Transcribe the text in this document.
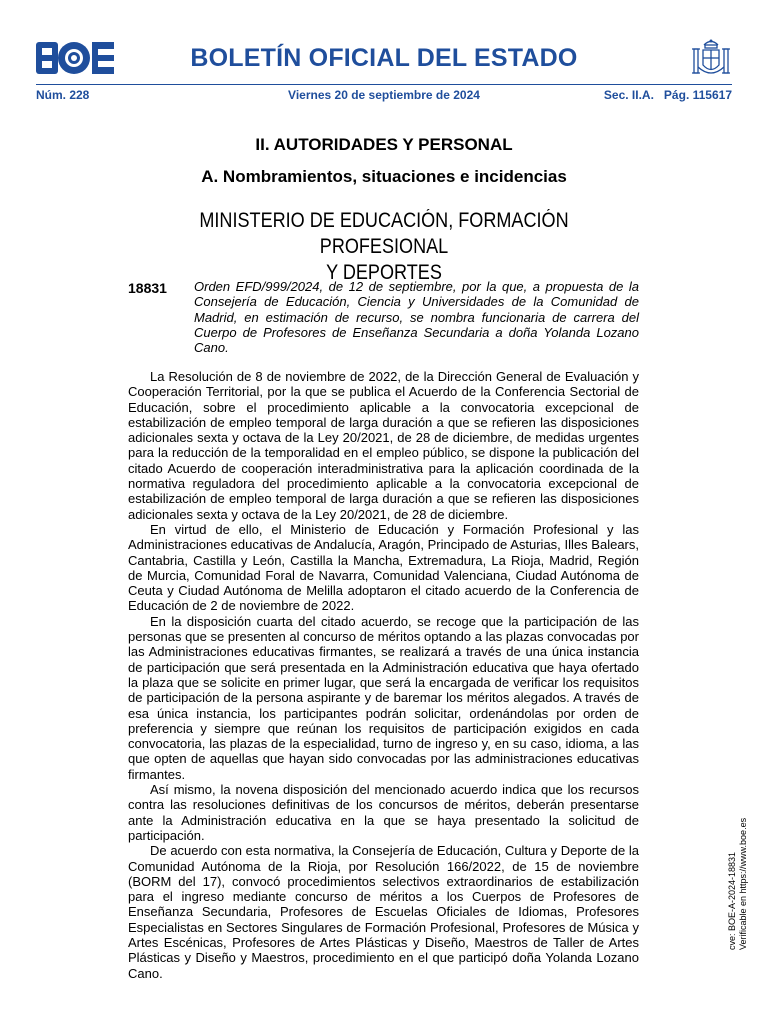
BOLETÍN OFICIAL DEL ESTADO
Núm. 228	Viernes 20 de septiembre de 2024	Sec. II.A.   Pág. 115617
II. AUTORIDADES Y PERSONAL
A. Nombramientos, situaciones e incidencias
MINISTERIO DE EDUCACIÓN, FORMACIÓN PROFESIONAL
Y DEPORTES
18831 Orden EFD/999/2024, de 12 de septiembre, por la que, a propuesta de la Consejería de Educación, Ciencia y Universidades de la Comunidad de Madrid, en estimación de recurso, se nombra funcionaria de carrera del Cuerpo de Profesores de Enseñanza Secundaria a doña Yolanda Lozano Cano.

La Resolución de 8 de noviembre de 2022, de la Dirección General de Evaluación y Cooperación Territorial, por la que se publica el Acuerdo de la Conferencia Sectorial de Educación, sobre el procedimiento aplicable a la convocatoria excepcional de estabilización de empleo temporal de larga duración a que se refieren las disposiciones adicionales sexta y octava de la Ley 20/2021, de 28 de diciembre, de medidas urgentes para la reducción de la temporalidad en el empleo público, se dispone la publicación del citado Acuerdo de cooperación interadministrativa para la aplicación coordinada de la normativa reguladora del procedimiento aplicable a la convocatoria excepcional de estabilización de empleo temporal de larga duración a que se refieren las disposiciones adicionales sexta y octava de la Ley 20/2021, de 28 de diciembre.

En virtud de ello, el Ministerio de Educación y Formación Profesional y las Administraciones educativas de Andalucía, Aragón, Principado de Asturias, Illes Balears, Cantabria, Castilla y León, Castilla la Mancha, Extremadura, La Rioja, Madrid, Región de Murcia, Comunidad Foral de Navarra, Comunidad Valenciana, Ciudad Autónoma de Ceuta y Ciudad Autónoma de Melilla adoptaron el citado acuerdo de la Conferencia de Educación de 2 de noviembre de 2022.

En la disposición cuarta del citado acuerdo, se recoge que la participación de las personas que se presenten al concurso de méritos optando a las plazas convocadas por las Administraciones educativas firmantes, se realizará a través de una única instancia de participación que será presentada en la Administración educativa que haya ofertado la plaza que se solicite en primer lugar, que será la encargada de verificar los requisitos de participación de la persona aspirante y de baremar los méritos alegados. A través de esa única instancia, los participantes podrán solicitar, ordenándolas por orden de preferencia y siempre que reúnan los requisitos de participación exigidos en cada convocatoria, las plazas de la especialidad, turno de ingreso y, en su caso, idioma, a las que opten de aquellas que hayan sido convocadas por las administraciones educativas firmantes.

Así mismo, la novena disposición del mencionado acuerdo indica que los recursos contra las resoluciones definitivas de los concursos de méritos, deberán presentarse ante la Administración educativa en la que se haya presentado la solicitud de participación.

De acuerdo con esta normativa, la Consejería de Educación, Cultura y Deporte de la Comunidad Autónoma de la Rioja, por Resolución 166/2022, de 15 de noviembre (BORM del 17), convocó procedimientos selectivos extraordinarios de estabilización para el ingreso mediante concurso de méritos a los Cuerpos de Profesores de Enseñanza Secundaria, Profesores de Escuelas Oficiales de Idiomas, Profesores Especialistas en Sectores Singulares de Formación Profesional, Profesores de Música y Artes Escénicas, Profesores de Artes Plásticas y Diseño, Maestros de Taller de Artes Plásticas y Diseño y Maestros, procedimiento en el que participó doña Yolanda Lozano Cano.

cve: BOE-A-2024-18831 Verificable en https://www.boe.es
